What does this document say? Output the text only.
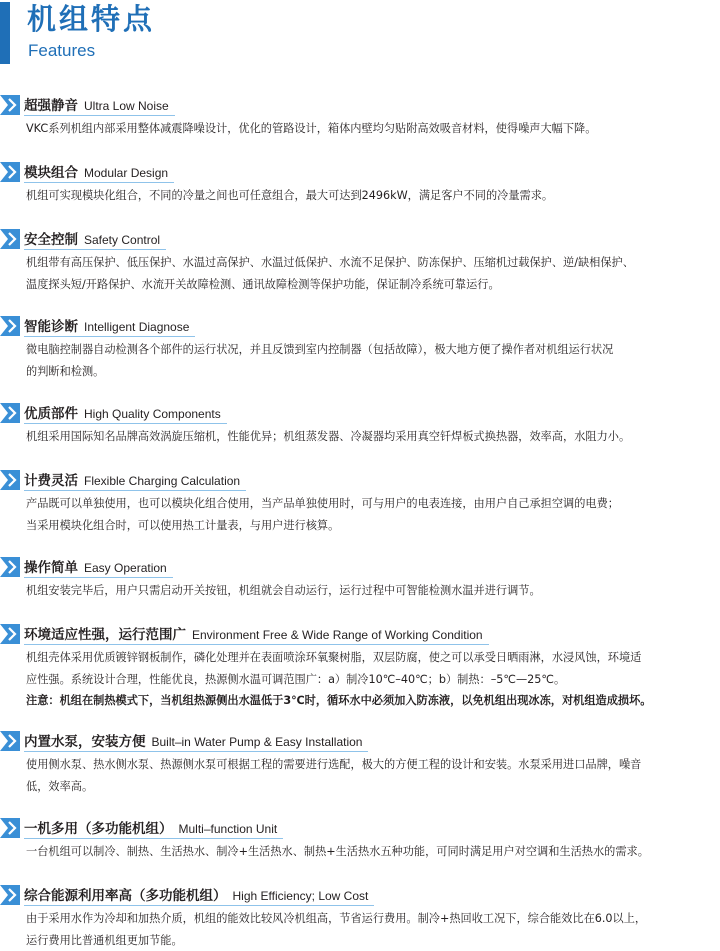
机组特点
Features
超强静音 Ultra Low Noise
VKC系列机组内部采用整体减震降噪设计，优化的管路设计，箱体内壁均匀贴附高效吸音材料，使得噪声大幅下降。
模块组合 Modular Design
机组可实现模块化组合，不同的冷量之间也可任意组合，最大可达到2496kW，满足客户不同的冷量需求。
安全控制 Safety Control
机组带有高压保护、低压保护、水温过高保护、水温过低保护、水流不足保护、防冻保护、压缩机过载保护、逆/缺相保护、
温度探头短/开路保护、水流开关故障检测、通讯故障检测等保护功能，保证制冷系统可靠运行。
智能诊断 Intelligent Diagnose
微电脑控制器自动检测各个部件的运行状况，并且反馈到室内控制器（包括故障），极大地方便了操作者对机组运行状况
的判断和检测。
优质部件 High Quality Components
机组采用国际知名品牌高效涡旋压缩机，性能优异；机组蒸发器、冷凝器均采用真空钎焊板式换热器，效率高，水阻力小。
计费灵活 Flexible Charging Calculation
产品既可以单独使用，也可以模块化组合使用，当产品单独使用时，可与用户的电表连接，由用户自己承担空调的电费；
当采用模块化组合时，可以使用热工计量表，与用户进行核算。
操作简单 Easy Operation
机组安装完毕后，用户只需启动开关按钮，机组就会自动运行，运行过程中可智能检测水温并进行调节。
环境适应性强，运行范围广 Environment Free & Wide Range of Working Condition
机组壳体采用优质镀锌钢板制作，磷化处理并在表面喷涂环氧聚树脂，双层防腐，使之可以承受日晒雨淋，水浸风蚀，环境适
应性强。系统设计合理，性能优良，热源侧水温可调范围广：a）制冷10℃–40℃；b）制热：–5℃—25℃。
注意：机组在制热模式下，当机组热源侧出水温低于3℃时，循环水中必须加入防冻液，以免机组出现冰冻，对机组造成损坏。
内置水泵，安装方便 Built–in Water Pump & Easy Installation
使用侧水泵、热水侧水泵、热源侧水泵可根据工程的需要进行选配，极大的方便工程的设计和安装。水泵采用进口品牌，噪音
低，效率高。
一机多用（多功能机组） Multi–function Unit
一台机组可以制冷、制热、生活热水、制冷+生活热水、制热+生活热水五种功能，可同时满足用户对空调和生活热水的需求。
综合能源利用率高（多功能机组） High Efficiency; Low Cost
由于采用水作为冷却和加热介质，机组的能效比较风冷机组高，节省运行费用。制冷+热回收工况下，综合能效比在6.0以上，
运行费用比普通机组更加节能。
